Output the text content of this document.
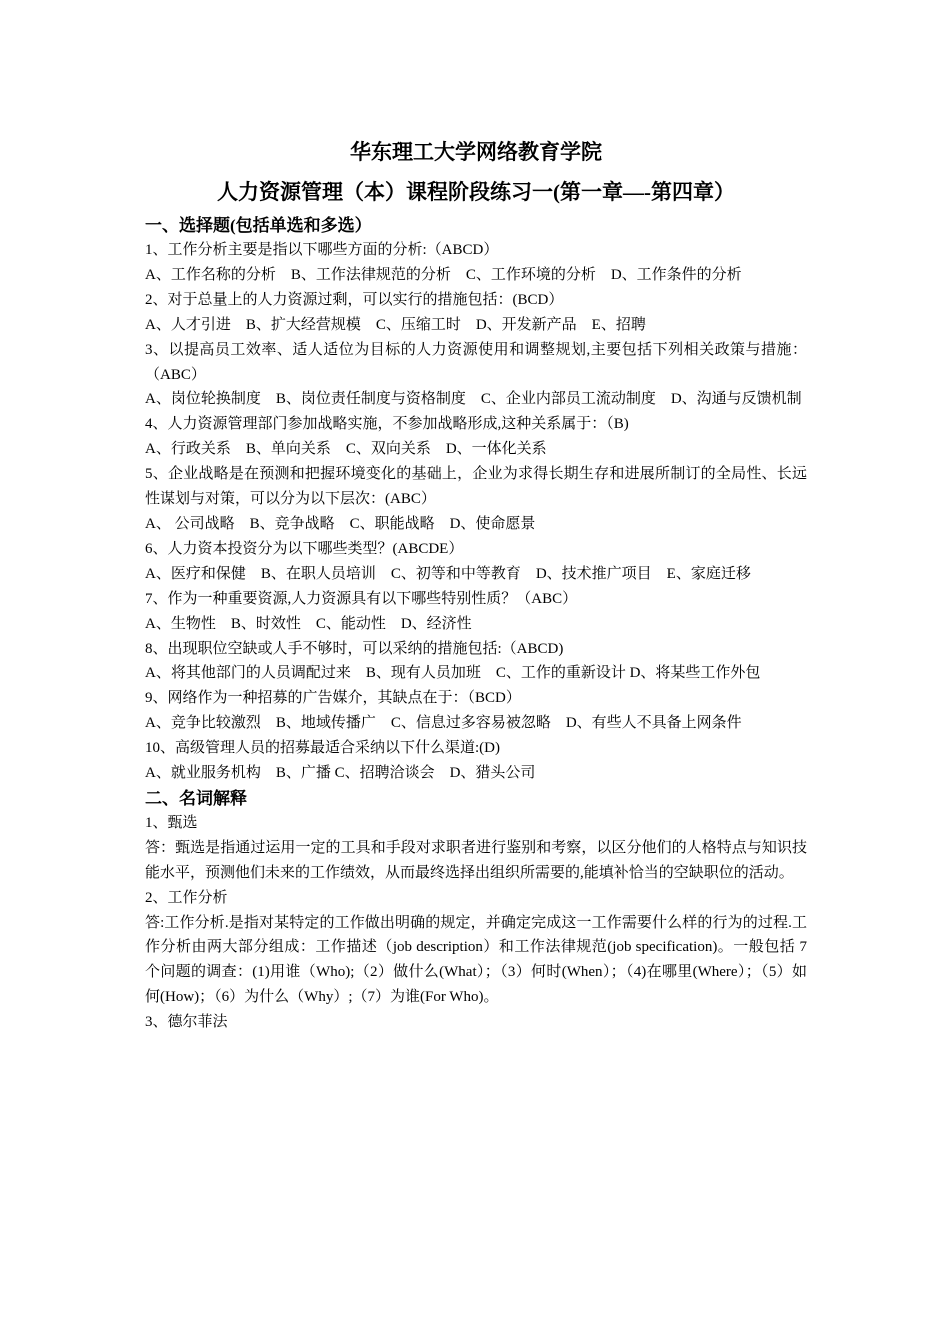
华东理工大学网络教育学院

人力资源管理（本）课程阶段练习一(第一章—-第四章）

一、选择题(包括单选和多选）

1、工作分析主要是指以下哪些方面的分析:（ABCD）

A、工作名称的分析　B、工作法律规范的分析　C、工作环境的分析　D、工作条件的分析

2、对于总量上的人力资源过剩，可以实行的措施包括：(BCD）

A、人才引进　B、扩大经营规模　C、压缩工时　D、开发新产品　E、招聘

3、以提高员工效率、适人适位为目标的人力资源使用和调整规划,主要包括下列相关政策与措施：（ABC）

A、岗位轮换制度　B、岗位责任制度与资格制度　C、企业内部员工流动制度　D、沟通与反馈机制

4、人力资源管理部门参加战略实施，不参加战略形成,这种关系属于：（B)

A、行政关系　B、单向关系　C、双向关系　D、一体化关系

5、企业战略是在预测和把握环境变化的基础上，企业为求得长期生存和进展所制订的全局性、长远性谋划与对策，可以分为以下层次：(ABC）

A、 公司战略　B、竞争战略　C、职能战略　D、使命愿景

6、人力资本投资分为以下哪些类型？(ABCDE）

A、医疗和保健　B、在职人员培训　C、初等和中等教育　D、技术推广项目　E、家庭迁移

7、作为一种重要资源,人力资源具有以下哪些特别性质？（ABC）

A、生物性　B、时效性　C、能动性　D、经济性

8、出现职位空缺或人手不够时，可以采纳的措施包括:（ABCD)

A、将其他部门的人员调配过来　B、现有人员加班　C、工作的重新设计 D、将某些工作外包

9、网络作为一种招募的广告媒介，其缺点在于：（BCD）

A、竞争比较激烈　B、地域传播广　C、信息过多容易被忽略　D、有些人不具备上网条件

10、高级管理人员的招募最适合采纳以下什么渠道:(D)

A、就业服务机构　B、广播 C、招聘洽谈会　D、猎头公司

二、名词解释

1、甄选

答：甄选是指通过运用一定的工具和手段对求职者进行鉴别和考察，以区分他们的人格特点与知识技能水平，预测他们未来的工作绩效，从而最终选择出组织所需要的,能填补恰当的空缺职位的活动。

2、工作分析

答:工作分析.是指对某特定的工作做出明确的规定，并确定完成这一工作需要什么样的行为的过程.工作分析由两大部分组成：工作描述（job description）和工作法律规范(job specification)。一般包括 7 个问题的调查：(1)用谁（Who);（2）做什么(What）；（3）何时(When）；（4)在哪里(Where）；（5）如何(How)；（6）为什么（Why）;（7）为谁(For Who)。

3、德尔菲法
